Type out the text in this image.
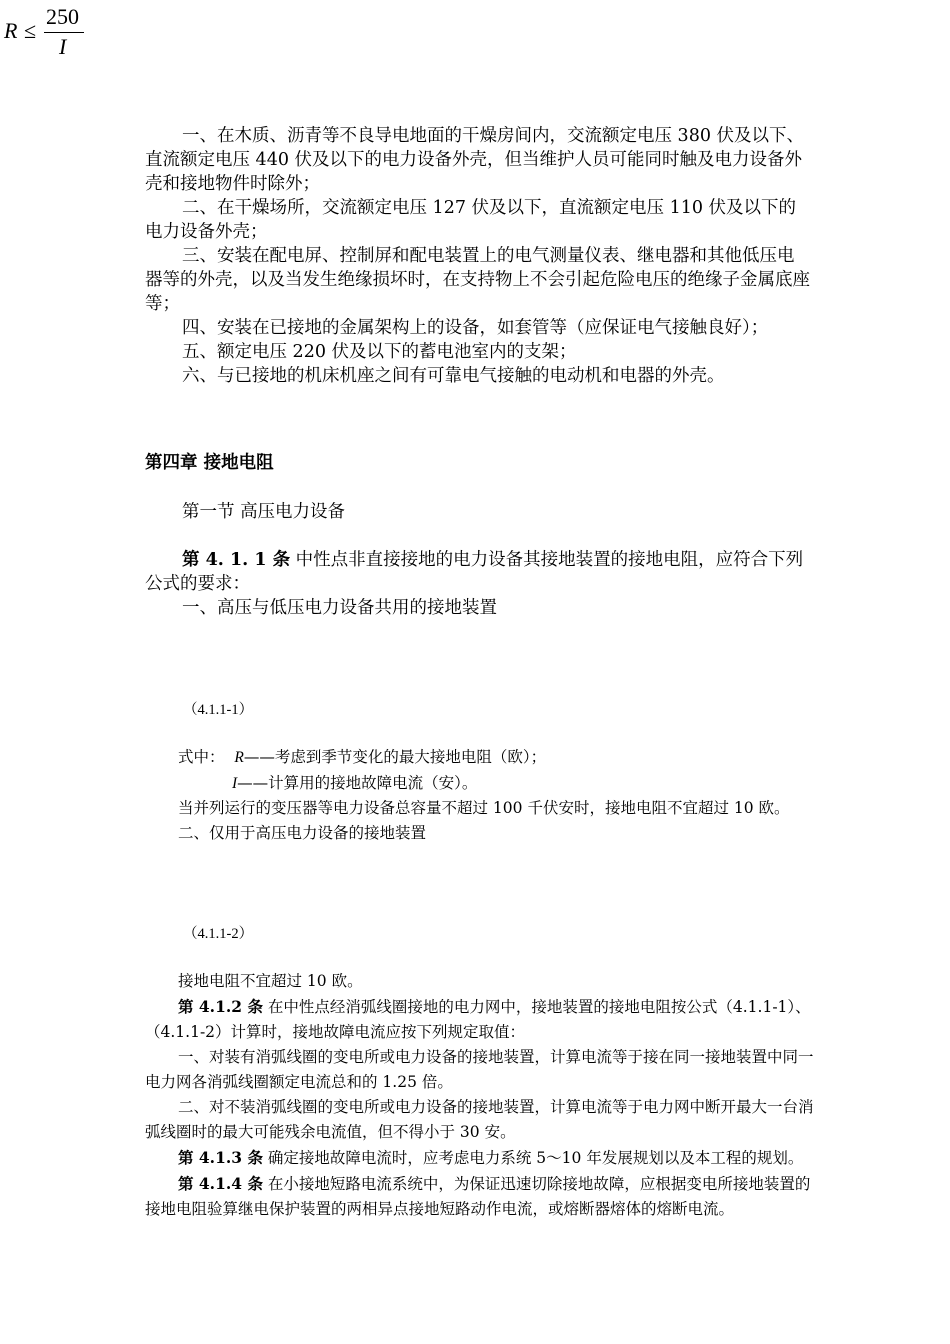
R ≤
250
I

一、在木质、沥青等不良导电地面的干燥房间内，交流额定电压 380 伏及以下、直流额定电压 440 伏及以下的电力设备外壳，但当维护人员可能同时触及电力设备外壳和接地物件时除外；

二、在干燥场所，交流额定电压 127 伏及以下，直流额定电压 110 伏及以下的电力设备外壳；

三、安装在配电屏、控制屏和配电装置上的电气测量仪表、继电器和其他低压电器等的外壳，以及当发生绝缘损坏时，在支持物上不会引起危险电压的绝缘子金属底座等；

四、安装在已接地的金属架构上的设备，如套管等（应保证电气接触良好）；

五、额定电压 220 伏及以下的蓄电池室内的支架；

六、与已接地的机床机座之间有可靠电气接触的电动机和电器的外壳。

第四章 接地电阻
第一节 高压电力设备

第 4. 1. 1 条 中性点非直接接地的电力设备其接地装置的接地电阻，应符合下列公式的要求：

一、高压与低压电力设备共用的接地装置

（4.1.1-1）
式中： R——考虑到季节变化的最大接地电阻（欧）；
I——计算用的接地故障电流（安）。
当并列运行的变压器等电力设备总容量不超过 100 千伏安时，接地电阻不宜超过 10 欧。
二、仅用于高压电力设备的接地装置
（4.1.1-2）
接地电阻不宜超过 10 欧。

第 4.1.2 条 在中性点经消弧线圈接地的电力网中，接地装置的接地电阻按公式（4.1.1-1）、（4.1.1-2）计算时，接地故障电流应按下列规定取值：

一、对装有消弧线圈的变电所或电力设备的接地装置，计算电流等于接在同一接地装置中同一电力网各消弧线圈额定电流总和的 1.25 倍。

二、对不装消弧线圈的变电所或电力设备的接地装置，计算电流等于电力网中断开最大一台消弧线圈时的最大可能残余电流值，但不得小于 30 安。

第 4.1.3 条 确定接地故障电流时，应考虑电力系统 5～10 年发展规划以及本工程的规划。

第 4.1.4 条 在小接地短路电流系统中，为保证迅速切除接地故障，应根据变电所接地装置的接地电阻验算继电保护装置的两相异点接地短路动作电流，或熔断器熔体的熔断电流。
